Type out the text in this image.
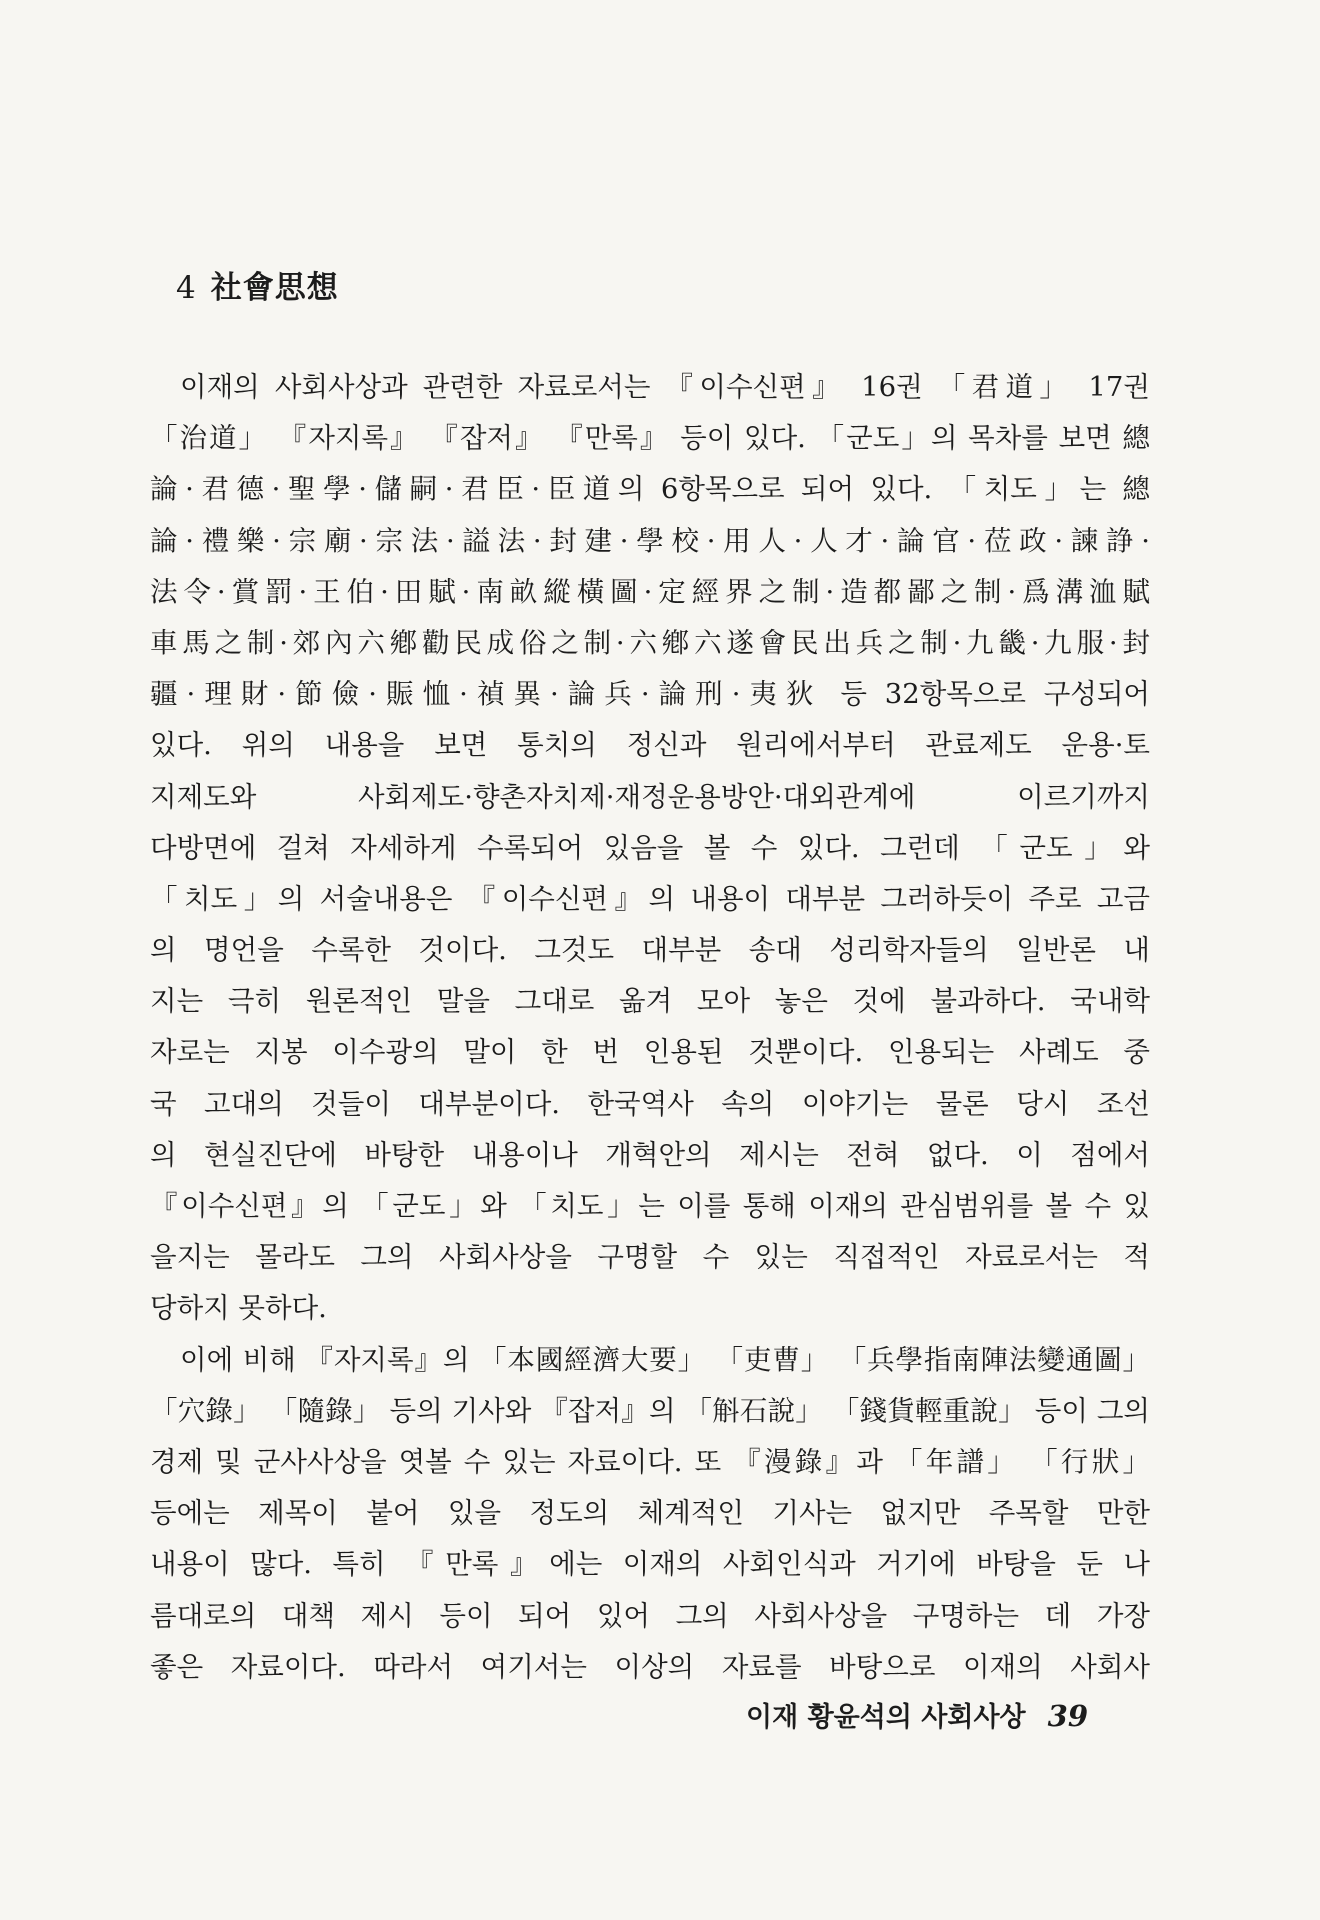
4 社會思想
이재의 사회사상과 관련한 자료로서는 『이수신편』 16권 「君道」 17권
「治道」 『자지록』 『잡저』 『만록』 등이 있다. 「군도」의 목차를 보면 總
論·君德·聖學·儲嗣·君臣·臣道의 6항목으로 되어 있다. 「치도」는 總
論·禮樂·宗廟·宗法·謚法·封建·學校·用人·人才·論官·莅政·諫諍·
法令·賞罰·王伯·田賦·南畝縱橫圖·定經界之制·造都鄙之制·爲溝洫賦
車馬之制·郊內六鄕勸民成俗之制·六鄕六遂會民出兵之制·九畿·九服·封
疆·理財·節儉·賑恤·禎異·論兵·論刑·夷狄 등 32항목으로 구성되어
있다. 위의 내용을 보면 통치의 정신과 원리에서부터 관료제도 운용·토
지제도와 사회제도·향촌자치제·재정운용방안·대외관계에 이르기까지
다방면에 걸쳐 자세하게 수록되어 있음을 볼 수 있다. 그런데 「군도」와
「치도」의 서술내용은 『이수신편』의 내용이 대부분 그러하듯이 주로 고금
의 명언을 수록한 것이다. 그것도 대부분 송대 성리학자들의 일반론 내
지는 극히 원론적인 말을 그대로 옮겨 모아 놓은 것에 불과하다. 국내학
자로는 지봉 이수광의 말이 한 번 인용된 것뿐이다. 인용되는 사례도 중
국 고대의 것들이 대부분이다. 한국역사 속의 이야기는 물론 당시 조선
의 현실진단에 바탕한 내용이나 개혁안의 제시는 전혀 없다. 이 점에서
『이수신편』의 「군도」와 「치도」는 이를 통해 이재의 관심범위를 볼 수 있
을지는 몰라도 그의 사회사상을 구명할 수 있는 직접적인 자료로서는 적
당하지 못하다.
이에 비해 『자지록』의 「本國經濟大要」 「吏曹」 「兵學指南陣法變通圖」
「穴錄」 「隨錄」 등의 기사와 『잡저』의 「斛石說」 「錢貨輕重說」 등이 그의
경제 및 군사사상을 엿볼 수 있는 자료이다. 또 『漫錄』과 「年譜」 「行狀」
등에는 제목이 붙어 있을 정도의 체계적인 기사는 없지만 주목할 만한
내용이 많다. 특히 『만록』에는 이재의 사회인식과 거기에 바탕을 둔 나
름대로의 대책 제시 등이 되어 있어 그의 사회사상을 구명하는 데 가장
좋은 자료이다. 따라서 여기서는 이상의 자료를 바탕으로 이재의 사회사
이재 황윤석의 사회사상 39
